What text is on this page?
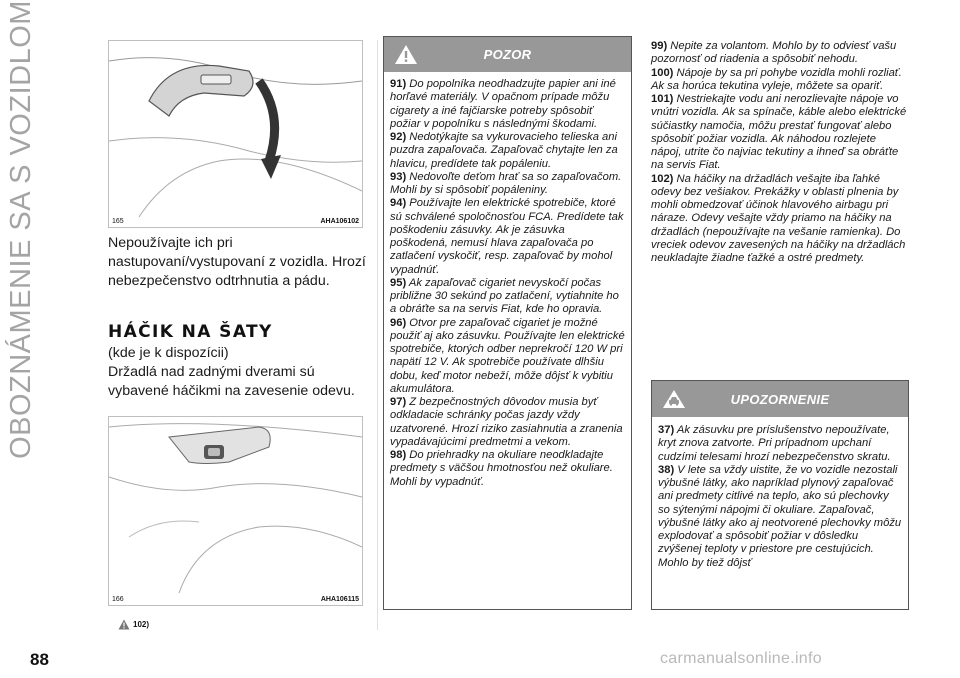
OBOZNÁMENIE SA S VOZIDLOM	165	AHA106102
Nepoužívajte ich pri nastupovaní/vystupovaní z vozidla. Hrozí nebezpečenstvo odtrhnutia a pádu.
HÁČIK NA ŠATY
(kde je k dispozícii)
Držadlá nad zadnými dverami sú vybavené háčikmi na zavesenie odevu.
166	AHA106115
102)
POZOR
91) Do popolníka neodhadzujte papier ani iné horľavé materiály. V opačnom prípade môžu cigarety a iné fajčiarske potreby spôsobiť požiar v popolníku s následnými škodami.
92) Nedotýkajte sa vykurovacieho telieska ani puzdra zapaľovača. Zapaľovač chytajte len za hlavicu, predídete tak popáleniu.
93) Nedovoľte deťom hrať sa so zapaľovačom. Mohli by si spôsobiť popáleniny.
94) Používajte len elektrické spotrebiče, ktoré sú schválené spoločnosťou FCA. Predídete tak poškodeniu zásuvky. Ak je zásuvka poškodená, nemusí hlava zapaľovača po zatlačení vyskočiť, resp. zapaľovač by mohol vypadnúť.
95) Ak zapaľovač cigariet nevyskočí počas približne 30 sekúnd po zatlačení, vytiahnite ho a obráťte sa na servis Fiat, kde ho opravia.
96) Otvor pre zapaľovač cigariet je možné použiť aj ako zásuvku. Používajte len elektrické spotrebiče, ktorých odber neprekročí 120 W pri napätí 12 V. Ak spotrebiče používate dlhšiu dobu, keď motor nebeží, môže dôjsť k vybitiu akumulátora.
97) Z bezpečnostných dôvodov musia byť odkladacie schránky počas jazdy vždy uzatvorené. Hrozí riziko zasiahnutia a zranenia vypadávajúcimi predmetmi a vekom.
98) Do priehradky na okuliare neodkladajte predmety s väčšou hmotnosťou než okuliare. Mohli by vypadnúť.
99) Nepite za volantom. Mohlo by to odviesť vašu pozornosť od riadenia a spôsobiť nehodu.
100) Nápoje by sa pri pohybe vozidla mohli rozliať. Ak sa horúca tekutina vyleje, môžete sa opariť.
101) Nestriekajte vodu ani nerozlievajte nápoje vo vnútri vozidla. Ak sa spínače, káble alebo elektrické súčiastky namočia, môžu prestať fungovať alebo spôsobiť požiar vozidla. Ak náhodou rozlejete nápoj, utrite čo najviac tekutiny a ihneď sa obráťte na servis Fiat.
102) Na háčiky na držadlách vešajte iba ľahké odevy bez vešiakov. Prekážky v oblasti plnenia by mohli obmedzovať účinok hlavového airbagu pri náraze. Odevy vešajte vždy priamo na háčiky na držadlách (nepoužívajte na vešanie ramienka). Do vreciek odevov zavesených na háčiky na držadlách neukladajte žiadne ťažké a ostré predmety.
UPOZORNENIE
37) Ak zásuvku pre príslušenstvo nepoužívate, kryt znova zatvorte. Pri prípadnom upchaní cudzími telesami hrozí nebezpečenstvo skratu.
38) V lete sa vždy uistite, že vo vozidle nezostali výbušné látky, ako napríklad plynový zapaľovač ani predmety citlivé na teplo, ako sú plechovky so sýtenými nápojmi či okuliare. Zapaľovač, výbušné látky ako aj neotvorené plechovky môžu explodovať a spôsobiť požiar v dôsledku zvýšenej teploty v priestore pre cestujúcich. Mohlo by tiež dôjsť
88	carmanualsonline.info
